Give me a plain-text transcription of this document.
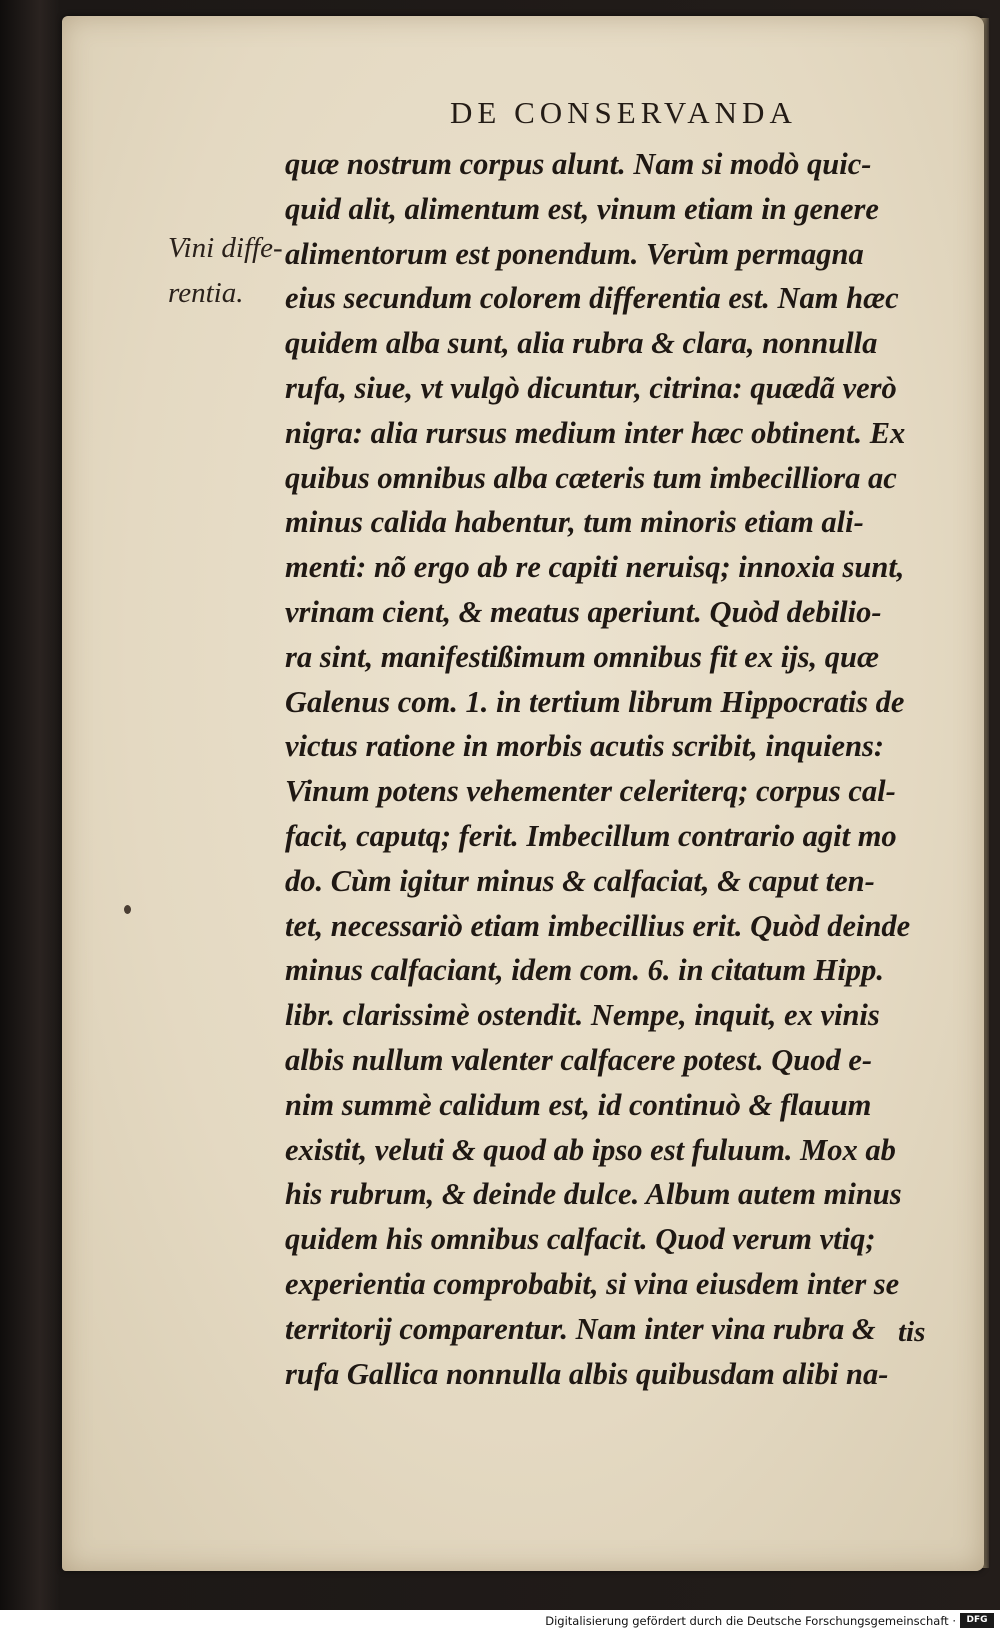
DE CONSERVANDA
Vini diffe-
rentia.
quæ nostrum corpus alunt. Nam si modò quic-
quid alit, alimentum est, vinum etiam in genere
alimentorum est ponendum. Verùm permagna
eius secundum colorem differentia est. Nam hæc
quidem alba sunt, alia rubra & clara, nonnulla
rufa, siue, vt vulgò dicuntur, citrina: quædã verò
nigra: alia rursus medium inter hæc obtinent. Ex
quibus omnibus alba cæteris tum imbecilliora ac
minus calida habentur, tum minoris etiam ali-
menti: nõ ergo ab re capiti neruisq; innoxia sunt,
vrinam cient, & meatus aperiunt. Quòd debilio-
ra sint, manifestißimum omnibus fit ex ijs, quæ
Galenus com. 1. in tertium librum Hippocratis de
victus ratione in morbis acutis scribit, inquiens:
Vinum potens vehementer celeriterq; corpus cal-
facit, caputq; ferit. Imbecillum contrario agit mo
do. Cùm igitur minus & calfaciat, & caput ten-
tet, necessariò etiam imbecillius erit. Quòd deinde
minus calfaciant, idem com. 6. in citatum Hipp.
libr. clarissimè ostendit. Nempe, inquit, ex vinis
albis nullum valenter calfacere potest. Quod e-
nim summè calidum est, id continuò & flauum
existit, veluti & quod ab ipso est fuluum. Mox ab
his rubrum, & deinde dulce. Album autem minus
quidem his omnibus calfacit. Quod verum vtiq;
experientia comprobabit, si vina eiusdem inter se
territorij comparentur. Nam inter vina rubra &
rufa Gallica nonnulla albis quibusdam alibi na-
tis
Digitalisierung gefördert durch die Deutsche Forschungsgemeinschaft ·	DFG
